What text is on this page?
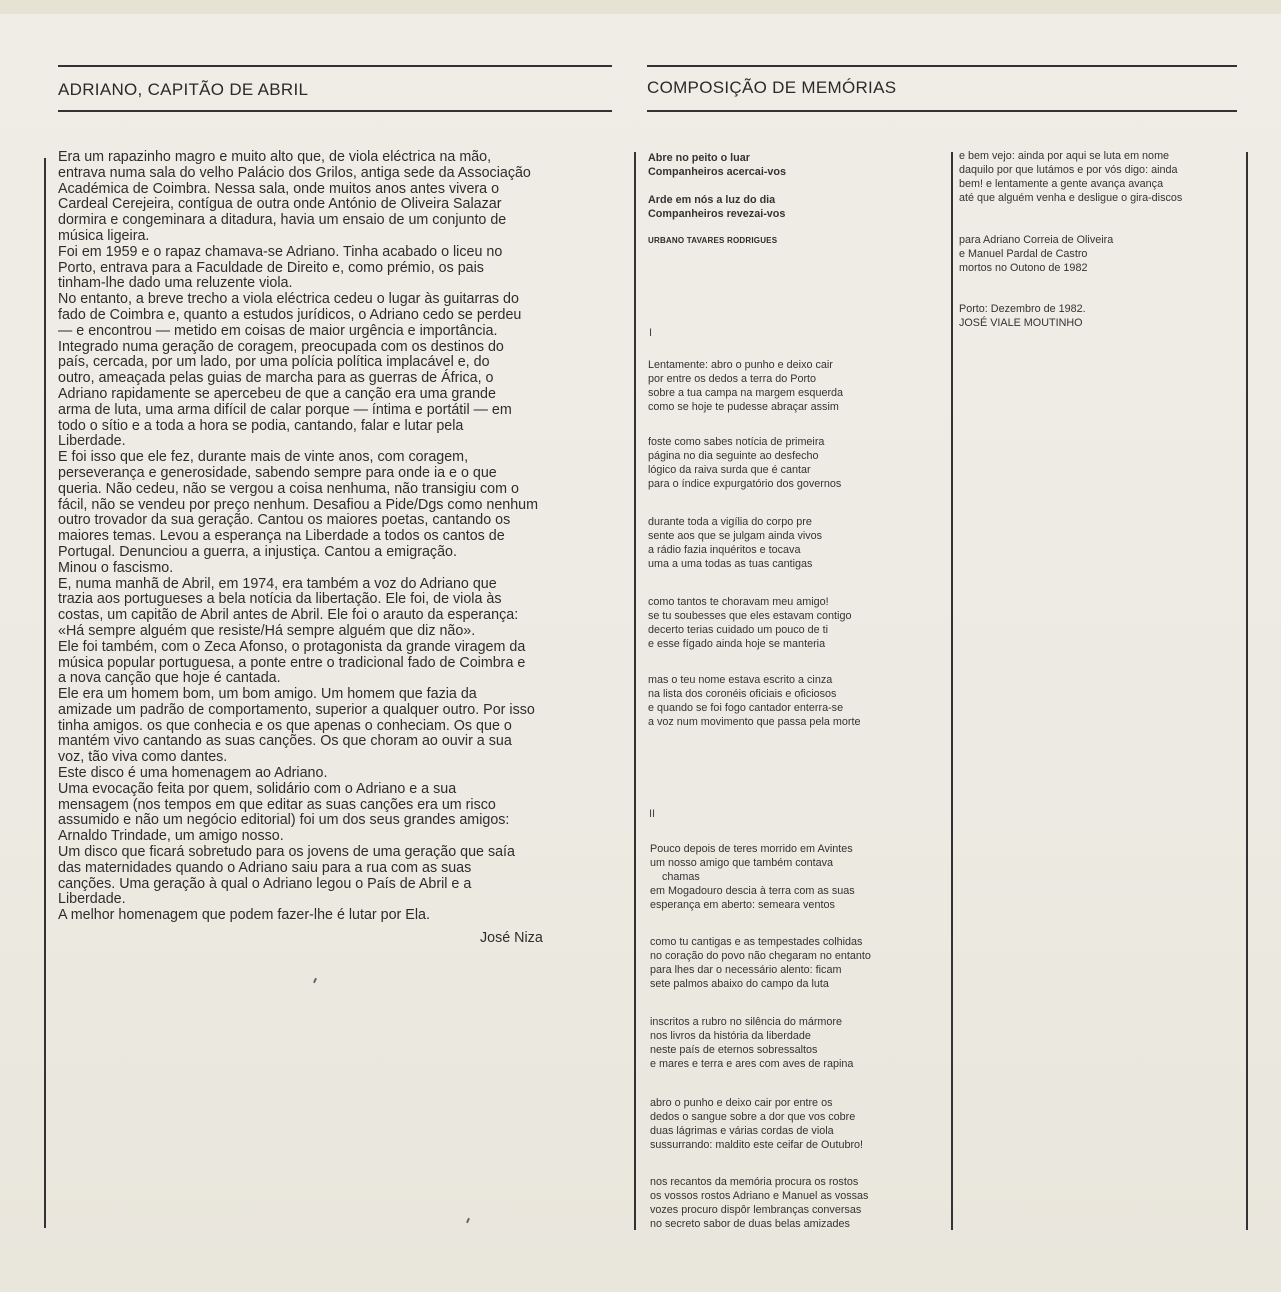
ADRIANO, CAPITÃO DE ABRIL

Era um rapazinho magro e muito alto que, de viola eléctrica na mão,

entrava numa sala do velho Palácio dos Grilos, antiga sede da Associação

Académica de Coimbra. Nessa sala, onde muitos anos antes vivera o

Cardeal Cerejeira, contígua de outra onde António de Oliveira Salazar

dormira e congeminara a ditadura, havia um ensaio de um conjunto de

música ligeira.

Foi em 1959 e o rapaz chamava-se Adriano. Tinha acabado o liceu no

Porto, entrava para a Faculdade de Direito e, como prémio, os pais

tinham-lhe dado uma reluzente viola.

No entanto, a breve trecho a viola eléctrica cedeu o lugar às guitarras do

fado de Coimbra e, quanto a estudos jurídicos, o Adriano cedo se perdeu

— e encontrou — metido em coisas de maior urgência e importância.

Integrado numa geração de coragem, preocupada com os destinos do

país, cercada, por um lado, por uma polícia política implacável e, do

outro, ameaçada pelas guias de marcha para as guerras de África, o

Adriano rapidamente se apercebeu de que a canção era uma grande

arma de luta, uma arma difícil de calar porque — íntima e portátil — em

todo o sítio e a toda a hora se podia, cantando, falar e lutar pela

Liberdade.

E foi isso que ele fez, durante mais de vinte anos, com coragem,

perseverança e generosidade, sabendo sempre para onde ia e o que

queria. Não cedeu, não se vergou a coisa nenhuma, não transigiu com o

fácil, não se vendeu por preço nenhum. Desafiou a Pide/Dgs como nenhum

outro trovador da sua geração. Cantou os maiores poetas, cantando os

maiores temas. Levou a esperança na Liberdade a todos os cantos de

Portugal. Denunciou a guerra, a injustiça. Cantou a emigração.

Minou o fascismo.

E, numa manhã de Abril, em 1974, era também a voz do Adriano que

trazia aos portugueses a bela notícia da libertação. Ele foi, de viola às

costas, um capitão de Abril antes de Abril. Ele foi o arauto da esperança:

«Há sempre alguém que resiste/Há sempre alguém que diz não».

Ele foi também, com o Zeca Afonso, o protagonista da grande viragem da

música popular portuguesa, a ponte entre o tradicional fado de Coimbra e

a nova canção que hoje é cantada.

Ele era um homem bom, um bom amigo. Um homem que fazia da

amizade um padrão de comportamento, superior a qualquer outro. Por isso

tinha amigos. os que conhecia e os que apenas o conheciam. Os que o

mantém vivo cantando as suas canções. Os que choram ao ouvir a sua

voz, tão viva como dantes.

Este disco é uma homenagem ao Adriano.

Uma evocação feita por quem, solidário com o Adriano e a sua

mensagem (nos tempos em que editar as suas canções era um risco

assumido e não um negócio editorial) foi um dos seus grandes amigos:

Arnaldo Trindade, um amigo nosso.

Um disco que ficará sobretudo para os jovens de uma geração que saía

das maternidades quando o Adriano saiu para a rua com as suas

canções. Uma geração à qual o Adriano legou o País de Abril e a

Liberdade.

A melhor homenagem que podem fazer-lhe é lutar por Ela.

José Niza
COMPOSIÇÃO DE MEMÓRIAS
Abre no peito o luar
Companheiros acercai-vos
Arde em nós a luz do dia
Companheiros revezai-vos
URBANO TAVARES RODRIGUES
I
Lentamente: abro o punho e deixo cair
por entre os dedos a terra do Porto
sobre a tua campa na margem esquerda
como se hoje te pudesse abraçar assim
foste como sabes notícia de primeira
página no dia seguinte ao desfecho
lógico da raiva surda que é cantar
para o índice expurgatório dos governos
durante toda a vigília do corpo pre
sente aos que se julgam ainda vivos
a rádio fazia inquéritos e tocava
uma a uma todas as tuas cantigas
como tantos te choravam meu amigo!
se tu soubesses que eles estavam contigo
decerto terias cuidado um pouco de ti
e esse fígado ainda hoje se manteria
mas o teu nome estava escrito a cinza
na lista dos coronéis oficiais e oficiosos
e quando se foi fogo cantador enterra-se
a voz num movimento que passa pela morte
II
Pouco depois de teres morrido em Avintes
um nosso amigo que também contava
chamas
em Mogadouro descia à terra com as suas
esperança em aberto: semeara ventos
como tu cantigas e as tempestades colhidas
no coração do povo não chegaram no entanto
para lhes dar o necessário alento: ficam
sete palmos abaixo do campo da luta
inscritos a rubro no silência do mármore
nos livros da história da liberdade
neste país de eternos sobressaltos
e mares e terra e ares com aves de rapina
abro o punho e deixo cair por entre os
dedos o sangue sobre a dor que vos cobre
duas lágrimas e várias cordas de viola
sussurrando: maldito este ceifar de Outubro!
nos recantos da memória procura os rostos
os vossos rostos Adriano e Manuel as vossas
vozes procuro dispôr lembranças conversas
no secreto sabor de duas belas amizades
e bem vejo: ainda por aqui se luta em nome
daquilo por que lutámos e por vós digo: ainda
bem! e lentamente a gente avança avança
até que alguém venha e desligue o gira-discos
para Adriano Correia de Oliveira
e Manuel Pardal de Castro
mortos no Outono de 1982
Porto: Dezembro de 1982.
JOSÉ VIALE MOUTINHO
